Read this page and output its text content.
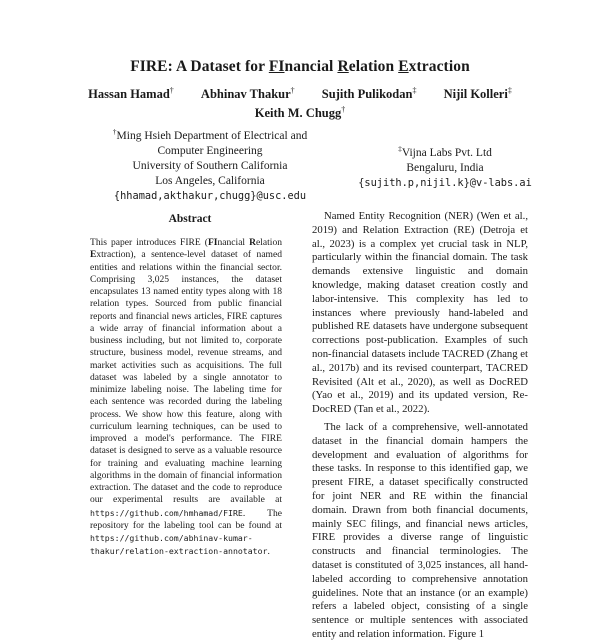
FIRE: A Dataset for FInancial Relation Extraction
Hassan Hamad† Abhinav Thakur† Sujith Pulikodan‡ Nijil Kolleri‡
Keith M. Chugg†
†Ming Hsieh Department of Electrical and
Computer Engineering
University of Southern California
Los Angeles, California
{hhamad,akthakur,chugg}@usc.edu
‡Vijna Labs Pvt. Ltd
Bengaluru, India
{sujith.p,nijil.k}@v-labs.ai
Abstract
This paper introduces FIRE (FInancial Relation Extraction), a sentence-level dataset of named entities and relations within the financial sector. Comprising 3,025 instances, the dataset encapsulates 13 named entity types along with 18 relation types. Sourced from public financial reports and financial news articles, FIRE captures a wide array of financial information about a business including, but not limited to, corporate structure, business model, revenue streams, and market activities such as acquisitions. The full dataset was labeled by a single annotator to minimize labeling noise. The labeling time for each sentence was recorded during the labeling process. We show how this feature, along with curriculum learning techniques, can be used to improved a model's performance. The FIRE dataset is designed to serve as a valuable resource for training and evaluating machine learning algorithms in the domain of financial information extraction. The dataset and the code to reproduce our experimental results are available at https://github.com/hmhamad/FIRE. The repository for the labeling tool can be found at https://github.com/abhinav-kumar-thakur/relation-extraction-annotator.

Named Entity Recognition (NER) (Wen et al., 2019) and Relation Extraction (RE) (Detroja et al., 2023) is a complex yet crucial task in NLP, particularly within the financial domain. The task demands extensive linguistic and domain knowledge, making dataset creation costly and labor-intensive. This complexity has led to instances where previously hand-labeled and published RE datasets have undergone subsequent corrections post-publication. Examples of such non-financial datasets include TACRED (Zhang et al., 2017b) and its revised counterpart, TACRED Revisited (Alt et al., 2020), as well as DocRED (Yao et al., 2019) and its updated version, Re-DocRED (Tan et al., 2022).

The lack of a comprehensive, well-annotated dataset in the financial domain hampers the development and evaluation of algorithms for these tasks. In response to this identified gap, we present FIRE, a dataset specifically constructed for joint NER and RE within the financial domain. Drawn from both financial documents, mainly SEC filings, and financial news articles, FIRE provides a diverse range of linguistic constructs and financial terminologies. The dataset is constituted of 3,025 instances, all hand-labeled according to comprehensive annotation guidelines. Note that an instance (or an example) refers a labeled object, consisting of a single sentence or multiple sentences with associated entity and relation information. Figure 1
